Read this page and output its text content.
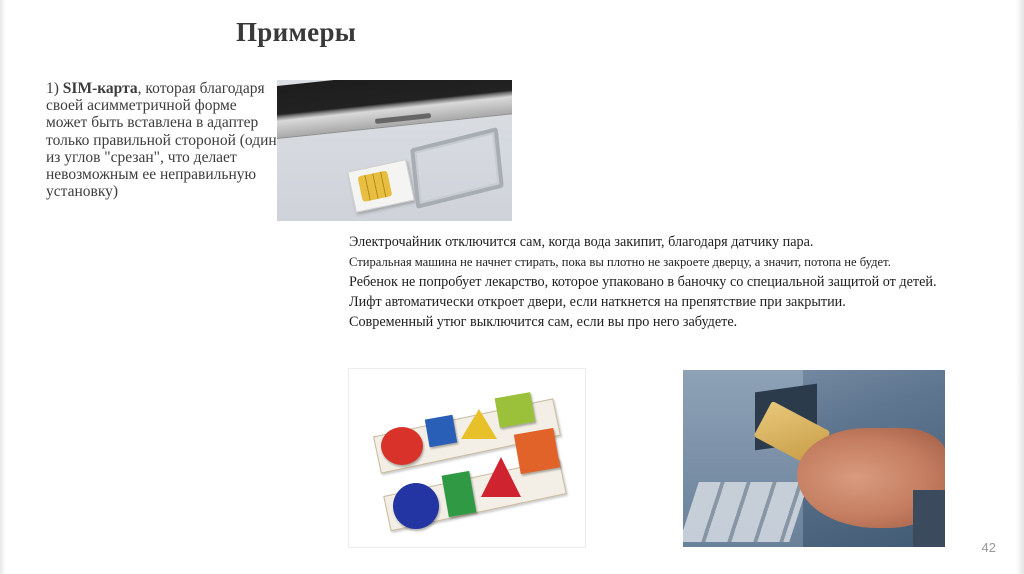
Примеры
1) SIM-карта, которая благодаря своей асимметричной форме может быть вставлена в адаптер только правильной стороной (один из углов "срезан", что делает невозможным ее неправильную установку)
Электрочайник отключится сам, когда вода закипит, благодаря датчику пара.
Стиральная машина не начнет стирать, пока вы плотно не закроете дверцу, а значит, потопа не будет.
Ребенок не попробует лекарство, которое упаковано в баночку со специальной защитой от детей.
Лифт автоматически откроет двери, если наткнется на препятствие при закрытии.
Современный утюг выключится сам, если вы про него забудете.
42
